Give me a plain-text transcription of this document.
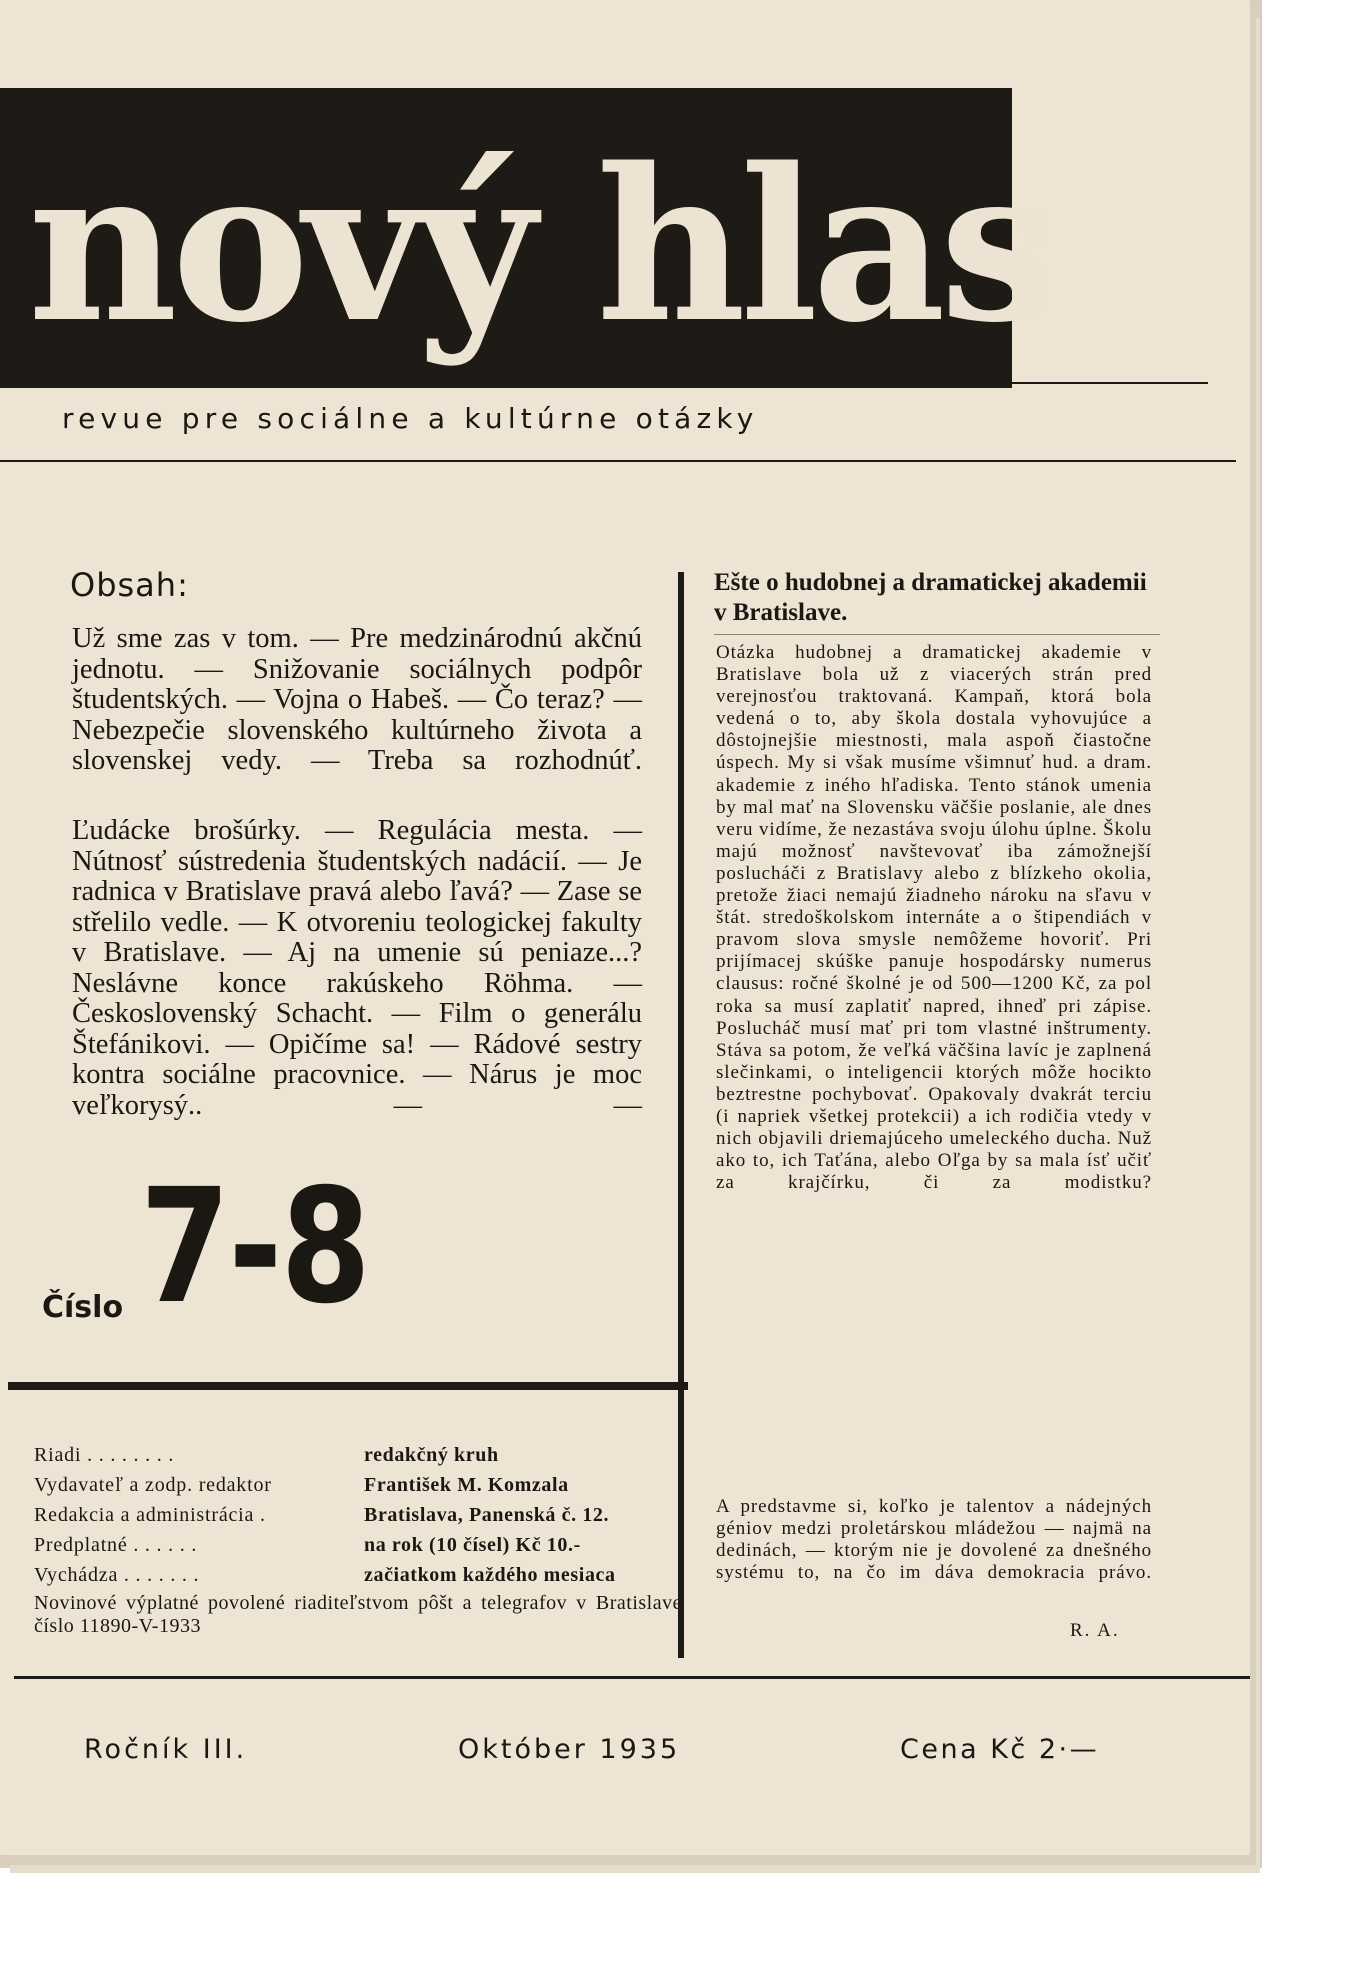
nový hlas
revue pre sociálne a kultúrne otázky
Obsah:

Už sme zas v tom. — Pre medzinárodnú akčnú jednotu. — Snižovanie sociálnych podpôr študentských. — Vojna o Habeš. — Čo teraz? — Nebezpečie slovenského kultúrneho života a slovenskej vedy. — Treba sa rozhodnúť.

Ľudácke brošúrky. — Regulácia mesta. — Nútnosť sústredenia študentských nadácií. — Je radnica v Bratislave pravá alebo ľavá? — Zase se střelilo vedle. — K otvoreniu teologickej fakulty v Bratislave. — Aj na umenie sú peniaze...? Neslávne konce rakúskeho Röhma. — Československý Schacht. — Film o generálu Štefánikovi. — Opičíme sa! — Rádové sestry kontra sociálne pracovnice. — Nárus je moc veľkorysý.. — —

Číslo 7-8
Riadi . . . . . . . .	redakčný kruh
Vydavateľ a zodp. redaktor	František M. Komzala
Redakcia a administrácia .	Bratislava, Panenská č. 12.
Predplatné . . . . . .	na rok (10 čísel) Kč 10.-
Vychádza . . . . . . .	začiatkom každého mesiaca

Novinové výplatné povolené riaditeľstvom pôšt a telegrafov v Bratislave číslo 11890-V-1933

Ešte o hudobnej a dramatickej akademii v Bratislave.

Otázka hudobnej a dramatickej akademie v Bratislave bola už z viacerých strán pred verejnosťou traktovaná. Kampaň, ktorá bola vedená o to, aby škola dostala vyhovujúce a dôstojnejšie miestnosti, mala aspoň čiastočne úspech. My si však musíme všimnuť hud. a dram. akademie z iného hľadiska. Tento stánok umenia by mal mať na Slovensku väčšie poslanie, ale dnes veru vidíme, že nezastáva svoju úlohu úplne. Školu majú možnosť navštevovať iba zámožnejší poslucháči z Bratislavy alebo z blízkeho okolia, pretože žiaci nemajú žiadneho nároku na sľavu v štát. stredoškolskom internáte a o štipendiách v pravom slova smysle nemôžeme hovoriť. Pri prijímacej skúške panuje hospodársky numerus clausus: ročné školné je od 500—1200 Kč, za pol roka sa musí zaplatiť napred, ihneď pri zápise. Poslucháč musí mať pri tom vlastné inštrumenty. Stáva sa potom, že veľká väčšina lavíc je zaplnená slečinkami, o inteligencii ktorých môže hocikto beztrestne pochybovať. Opakovaly dvakrát terciu (i napriek všetkej protekcii) a ich rodičia vtedy v nich objavili driemajúceho umeleckého ducha. Nuž ako to, ich Taťána, alebo Oľga by sa mala ísť učiť za krajčírku, či za modistku?

A predstavme si, koľko je talentov a nádejných géniov medzi proletárskou mládežou — najmä na dedinách, — ktorým nie je dovolené za dnešného systému to, na čo im dáva demokracia právo.

R. A.
Ročník III.	Október 1935	Cena Kč 2·—
